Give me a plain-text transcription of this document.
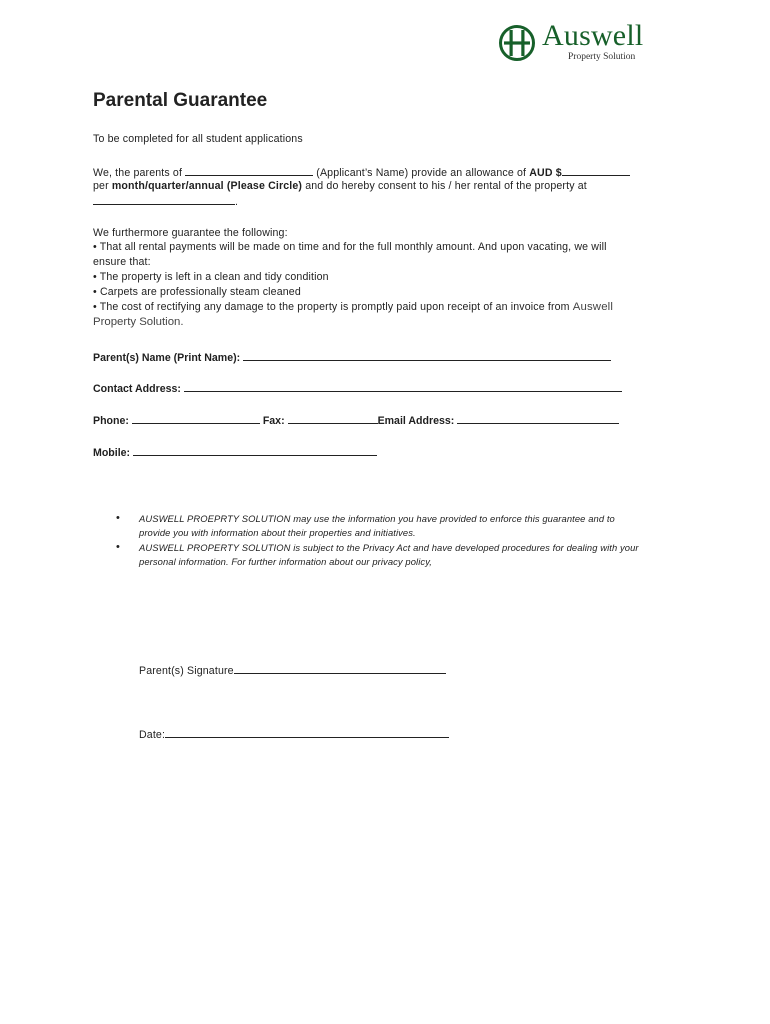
Auswell
Property Solution
Parental Guarantee
To be completed for all student applications
We, the parents of	(Applicant’s Name) provide an allowance of AUD $
per month/quarter/annual (Please Circle) and do hereby consent to his / her rental of the property at
.
We furthermore guarantee the following:
• That all rental payments will be made on time and for the full monthly amount. And upon vacating, we will
ensure that:
• The property is left in a clean and tidy condition
• Carpets are professionally steam cleaned
• The cost of rectifying any damage to the property is promptly paid upon receipt of an invoice from Auswell
Property Solution.
Parent(s) Name (Print Name):
Contact Address:
Phone:	Fax:	Email Address:
Mobile:
• AUSWELL PROEPRTY SOLUTION may use the information you have provided to enforce this guarantee and to
provide you with information about their properties and initiatives.
• AUSWELL PROPERTY SOLUTION is subject to the Privacy Act and have developed procedures for dealing with your
personal information. For further information about our privacy policy,
Parent(s) Signature
Date:
